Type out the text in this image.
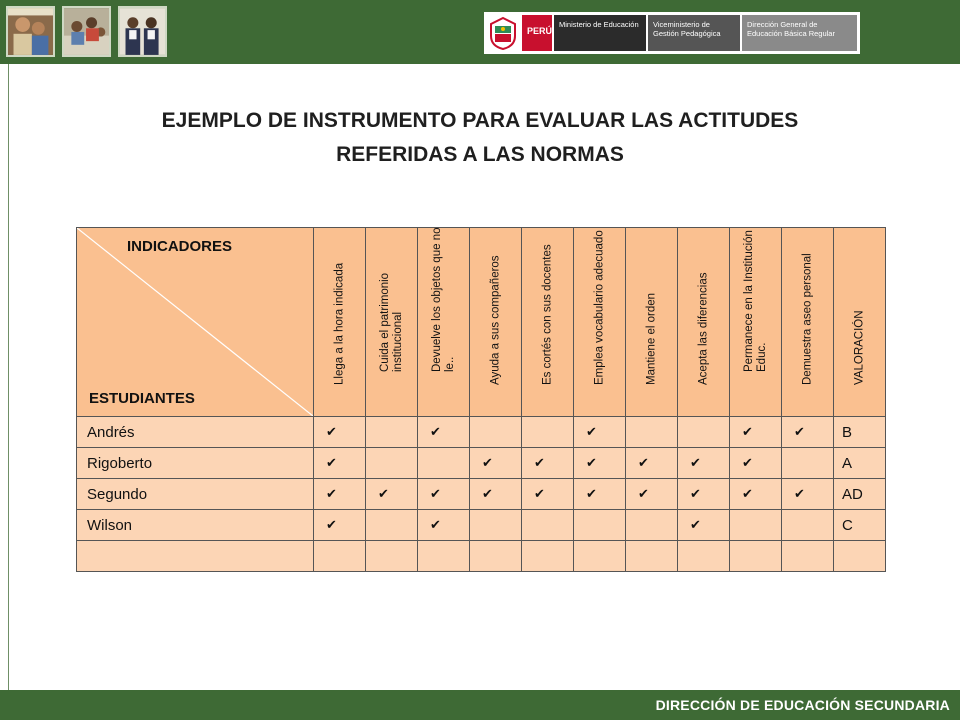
PERÚ
Ministerio de Educación	Viceministerio de Gestión Pedagógica
Dirección General de Educación Básica Regular
EJEMPLO DE INSTRUMENTO PARA EVALUAR LAS ACTITUDES
REFERIDAS A LAS NORMAS
INDICADORES
ESTUDIANTES	Llega a la hora indicada	Cuida el patrimonio institucional	Devuelve los objetos que no le..	Ayuda a sus compañeros	Es cortés con sus docentes	Emplea vocabulario adecuado	Mantiene el orden	Acepta las diferencias	Permanece en la Institución Educ.	Demuestra aseo personal	VALORACIÓN

Andrés	✔		✔			✔			✔	✔	B
Rigoberto	✔			✔	✔	✔	✔	✔	✔		A
Segundo	✔	✔	✔	✔	✔	✔	✔	✔	✔	✔	AD
Wilson	✔		✔					✔			C

DIRECCIÓN DE EDUCACIÓN SECUNDARIA
